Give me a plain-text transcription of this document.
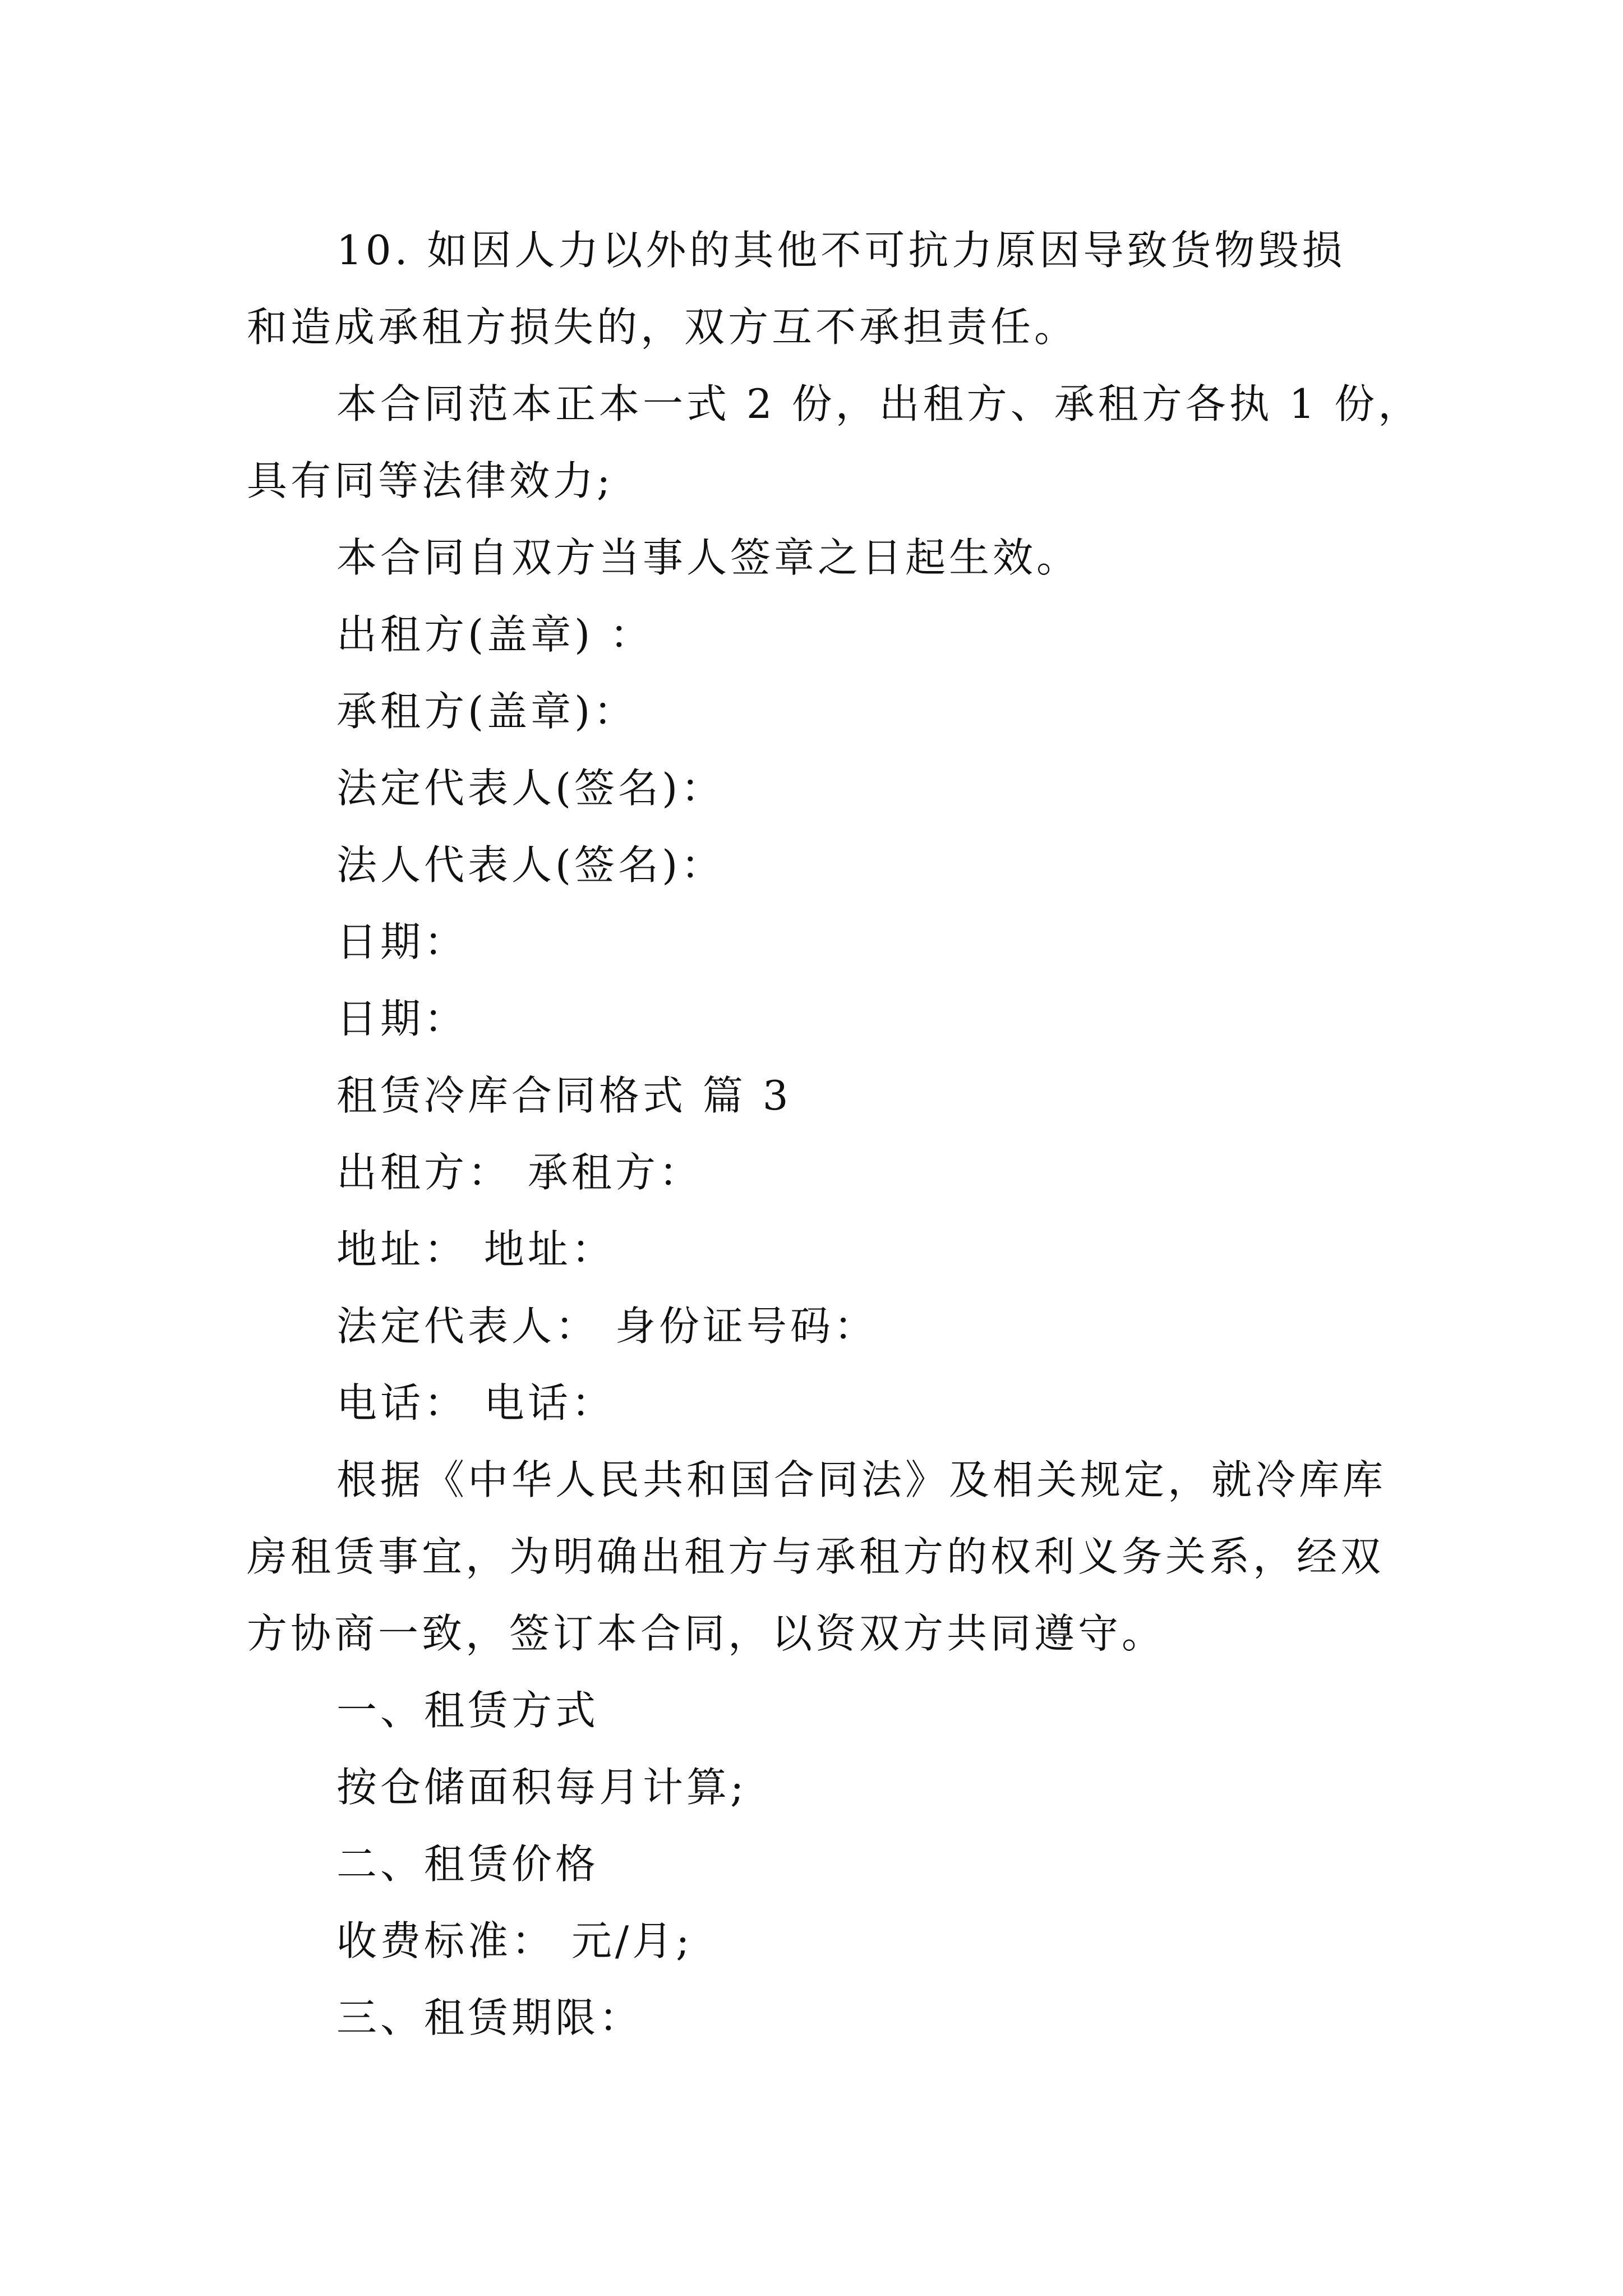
10. 如因人力以外的其他不可抗力原因导致货物毁损

和造成承租方损失的，双方互不承担责任。

本合同范本正本一式 2 份，出租方、承租方各执 1 份，

具有同等法律效力;

本合同自双方当事人签章之日起生效。

出租方(盖章) ：

承租方(盖章)：

法定代表人(签名)：

法人代表人(签名)：

日期：

日期：

租赁冷库合同格式 篇 3

出租方： 承租方：

地址： 地址：

法定代表人： 身份证号码：

电话： 电话：

根据《中华人民共和国合同法》及相关规定，就冷库库

房租赁事宜，为明确出租方与承租方的权利义务关系，经双

方协商一致，签订本合同，以资双方共同遵守。

一、租赁方式

按仓储面积每月计算;

二、租赁价格

收费标准： 元/月;

三、租赁期限：
